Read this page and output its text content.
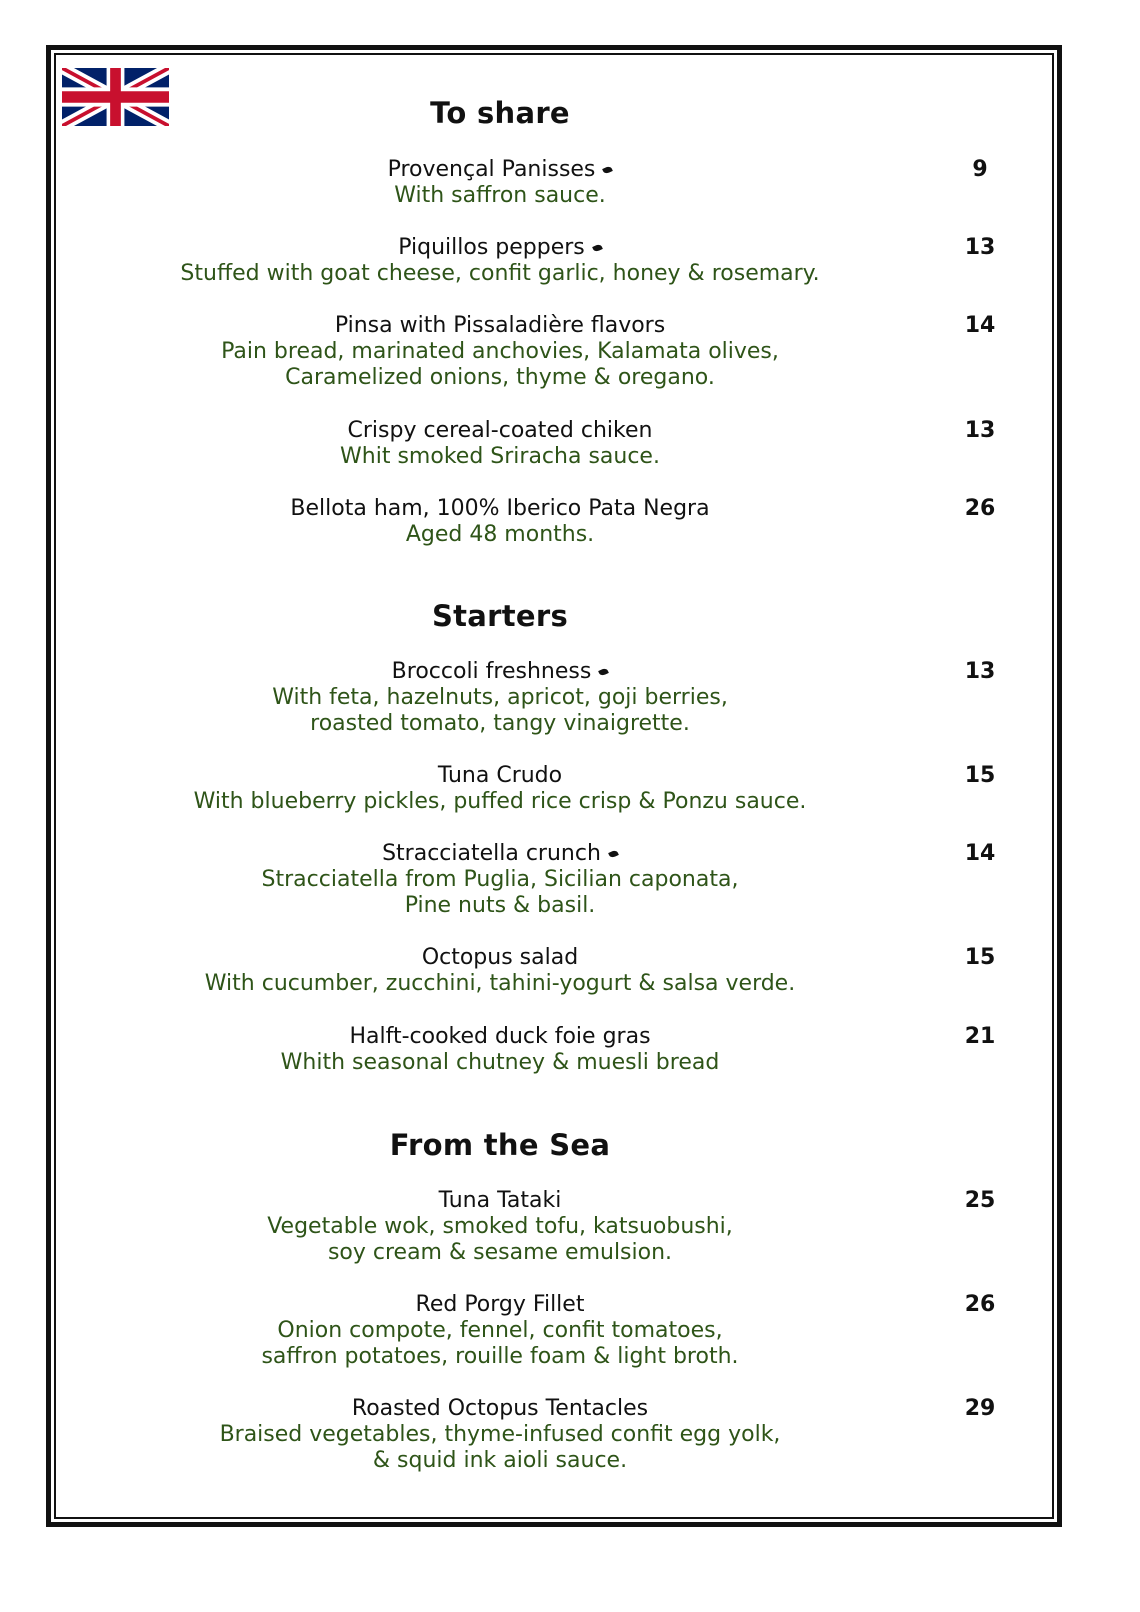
To share
Provençal Panisses
With saffron sauce.
9
Piquillos peppers
Stuffed with goat cheese, confit garlic, honey & rosemary.
13
Pinsa with Pissaladière flavors
Pain bread, marinated anchovies, Kalamata olives,
Caramelized onions, thyme & oregano.
14
Crispy cereal-coated chiken
Whit smoked Sriracha sauce.
13
Bellota ham, 100% Iberico Pata Negra
Aged 48 months.
26
Starters
Broccoli freshness
With feta, hazelnuts, apricot, goji berries,
roasted tomato, tangy vinaigrette.
13
Tuna Crudo
With blueberry pickles, puffed rice crisp & Ponzu sauce.
15
Stracciatella crunch
Stracciatella from Puglia, Sicilian caponata,
Pine nuts & basil.
14
Octopus salad
With cucumber, zucchini, tahini-yogurt & salsa verde.
15
Halft-cooked duck foie gras
Whith seasonal chutney & muesli bread
21
From the Sea
Tuna Tataki
Vegetable wok, smoked tofu, katsuobushi,
soy cream & sesame emulsion.
25
Red Porgy Fillet
Onion compote, fennel, confit tomatoes,
saffron potatoes, rouille foam & light broth.
26
Roasted Octopus Tentacles
Braised vegetables, thyme-infused confit egg yolk,
& squid ink aioli sauce.
29
